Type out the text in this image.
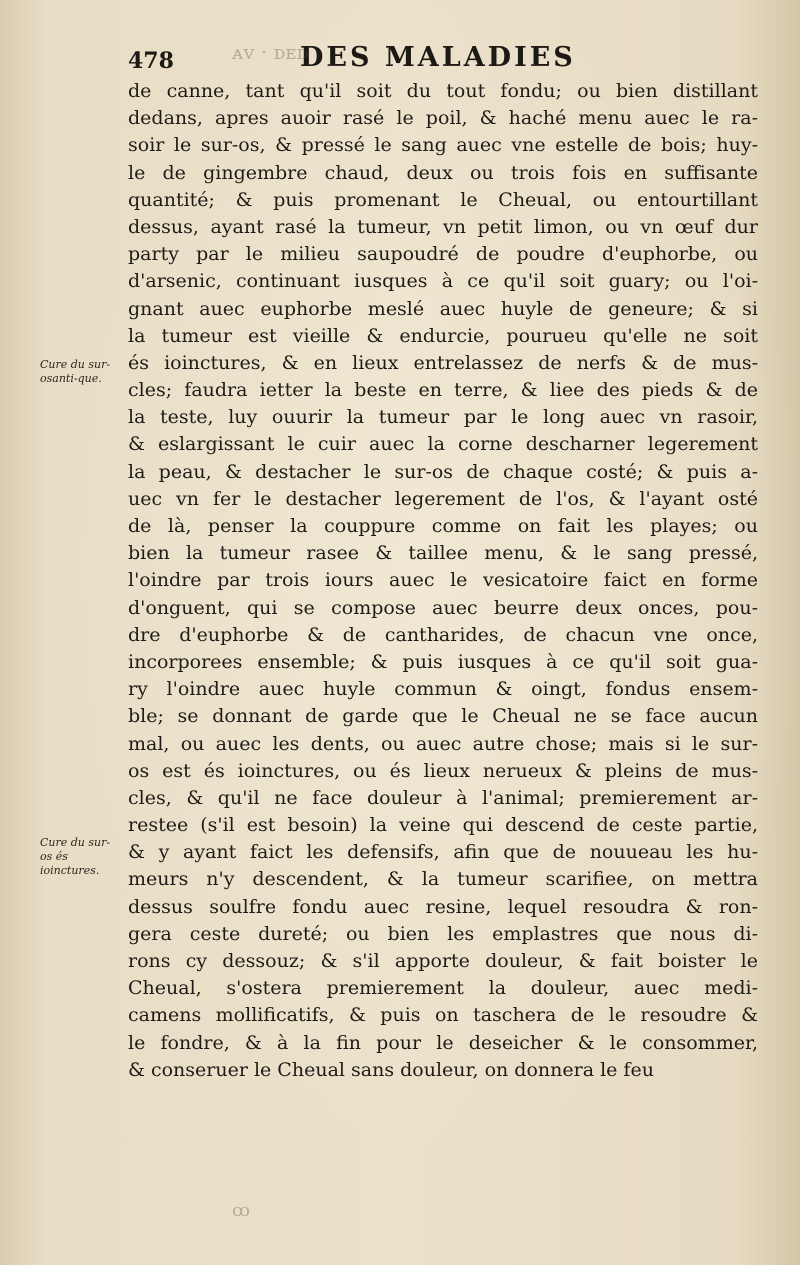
478	DES MALADIES
ᴀᴠ · ᴅᴇᴅ
ꝏ
Cure du sur-osanti-que.
Cure du sur-os és ioinctures.
de canne, tant qu'il soit du tout fondu; ou bien distillant
dedans, apres auoir rasé le poil, & haché menu auec le ra-
soir le sur-os, & pressé le sang auec vne estelle de bois; huy-
le de gingembre chaud, deux ou trois fois en suffisante
quantité; & puis promenant le Cheual, ou entourtillant
dessus, ayant rasé la tumeur, vn petit limon, ou vn œuf dur
party par le milieu saupoudré de poudre d'euphorbe, ou
d'arsenic, continuant iusques à ce qu'il soit guary; ou l'oi-
gnant auec euphorbe meslé auec huyle de geneure; & si
la tumeur est vieille & endurcie, pourueu qu'elle ne soit
és ioinctures, & en lieux entrelassez de nerfs & de mus-
cles; faudra ietter la beste en terre, & liee des pieds & de
la teste, luy ouurir la tumeur par le long auec vn rasoir,
& eslargissant le cuir auec la corne descharner legerement
la peau, & destacher le sur-os de chaque costé; & puis a-
uec vn fer le destacher legerement de l'os, & l'ayant osté
de là, penser la couppure comme on fait les playes; ou
bien la tumeur rasee & taillee menu, & le sang pressé,
l'oindre par trois iours auec le vesicatoire faict en forme
d'onguent, qui se compose auec beurre deux onces, pou-
dre d'euphorbe & de cantharides, de chacun vne once,
incorporees ensemble; & puis iusques à ce qu'il soit gua-
ry l'oindre auec huyle commun & oingt, fondus ensem-
ble; se donnant de garde que le Cheual ne se face aucun
mal, ou auec les dents, ou auec autre chose; mais si le sur-
os est és ioinctures, ou és lieux nerueux & pleins de mus-
cles, & qu'il ne face douleur à l'animal; premierement ar-
restee (s'il est besoin) la veine qui descend de ceste partie,
& y ayant faict les defensifs, afin que de nouueau les hu-
meurs n'y descendent, & la tumeur scarifiee, on mettra
dessus soulfre fondu auec resine, lequel resoudra & ron-
gera ceste dureté; ou bien les emplastres que nous di-
rons cy dessouz; & s'il apporte douleur, & fait boister le
Cheual, s'ostera premierement la douleur, auec medi-
camens mollificatifs, & puis on taschera de le resoudre &
le fondre, & à la fin pour le deseicher & le consommer,
& conseruer le Cheual sans douleur, on donnera le feu
